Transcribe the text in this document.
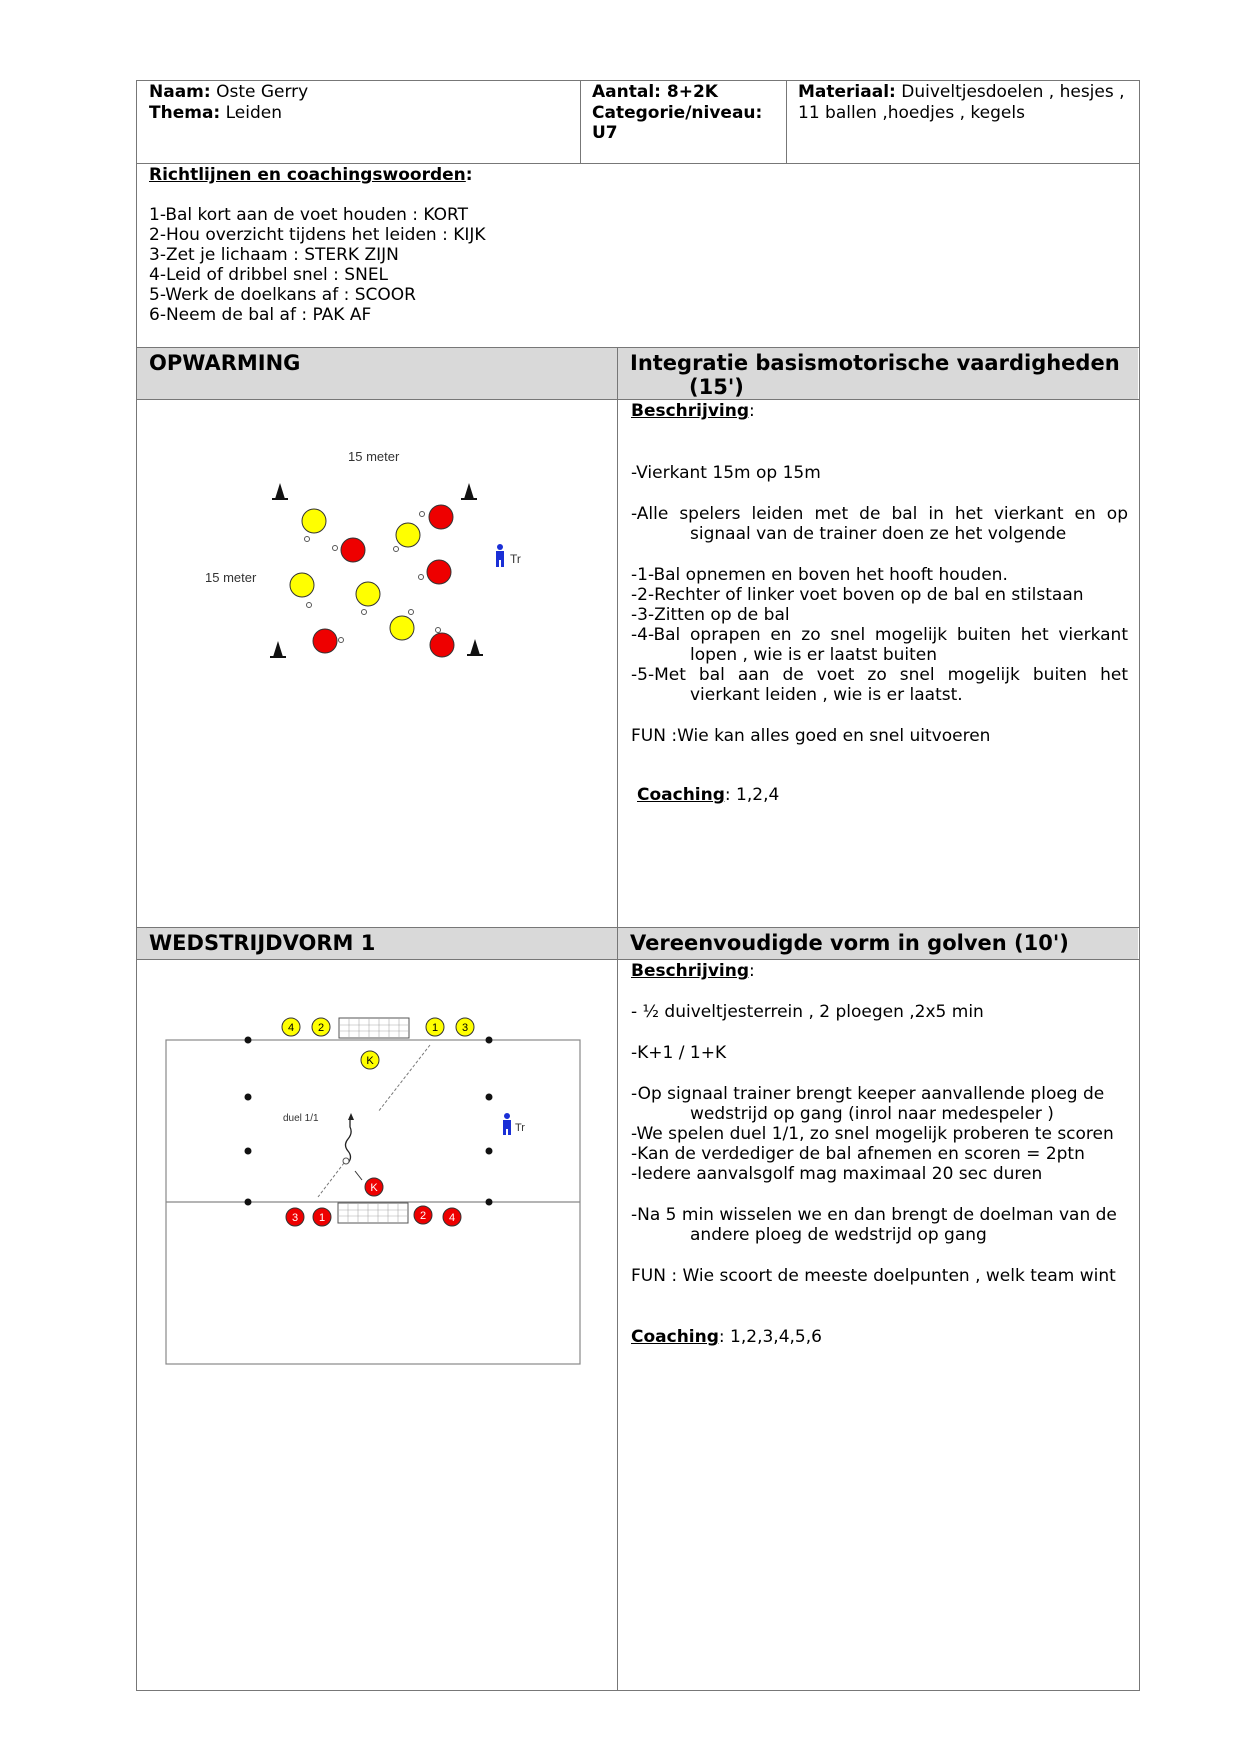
Naam: Oste Gerry
Thema: Leiden
Aantal: 8+2K
Categorie/niveau:
U7
Materiaal: Duiveltjesdoelen , hesjes ,
11 ballen ,hoedjes , kegels
Richtlijnen en coachingswoorden:
1-Bal kort aan de voet houden : KORT
2-Hou overzicht tijdens het leiden : KIJK
3-Zet je lichaam : STERK ZIJN
4-Leid of dribbel snel : SNEL
5-Werk de doelkans af : SCOOR
6-Neem de bal af : PAK AF
OPWARMING	Integratie basismotorische vaardigheden
(15')
Beschrijving:
-Vierkant 15m op 15m
-Alle spelers leiden met de bal in het vierkant en op
signaal van de trainer doen ze het volgende
-1-Bal opnemen en boven het hooft houden.
-2-Rechter of linker voet boven op de bal en stilstaan
-3-Zitten op de bal
-4-Bal oprapen en zo snel mogelijk buiten het vierkant
lopen , wie is er laatst buiten
-5-Met bal aan de voet zo snel mogelijk buiten het
vierkant leiden , wie is er laatst.
FUN :Wie kan alles goed en snel uitvoeren
Coaching: 1,2,4
15 meter
15 meter
Tr
WEDSTRIJDVORM 1	Vereenvoudigde vorm in golven (10')
Beschrijving:
- ½ duiveltjesterrein , 2 ploegen ,2x5 min
-K+1 / 1+K
-Op signaal trainer brengt keeper aanvallende ploeg de
wedstrijd op gang (inrol naar medespeler )
-We spelen duel 1/1, zo snel mogelijk proberen te scoren
-Kan de verdediger de bal afnemen en scoren = 2ptn
-Iedere aanvalsgolf mag maximaal 20 sec duren
-Na 5 min wisselen we en dan brengt de doelman van de
andere ploeg de wedstrijd op gang
FUN : Wie scoort de meeste doelpunten , welk team wint
Coaching: 1,2,3,4,5,6
4 2	1 3
K
3 1	2 4
K
duel 1/1
Tr
